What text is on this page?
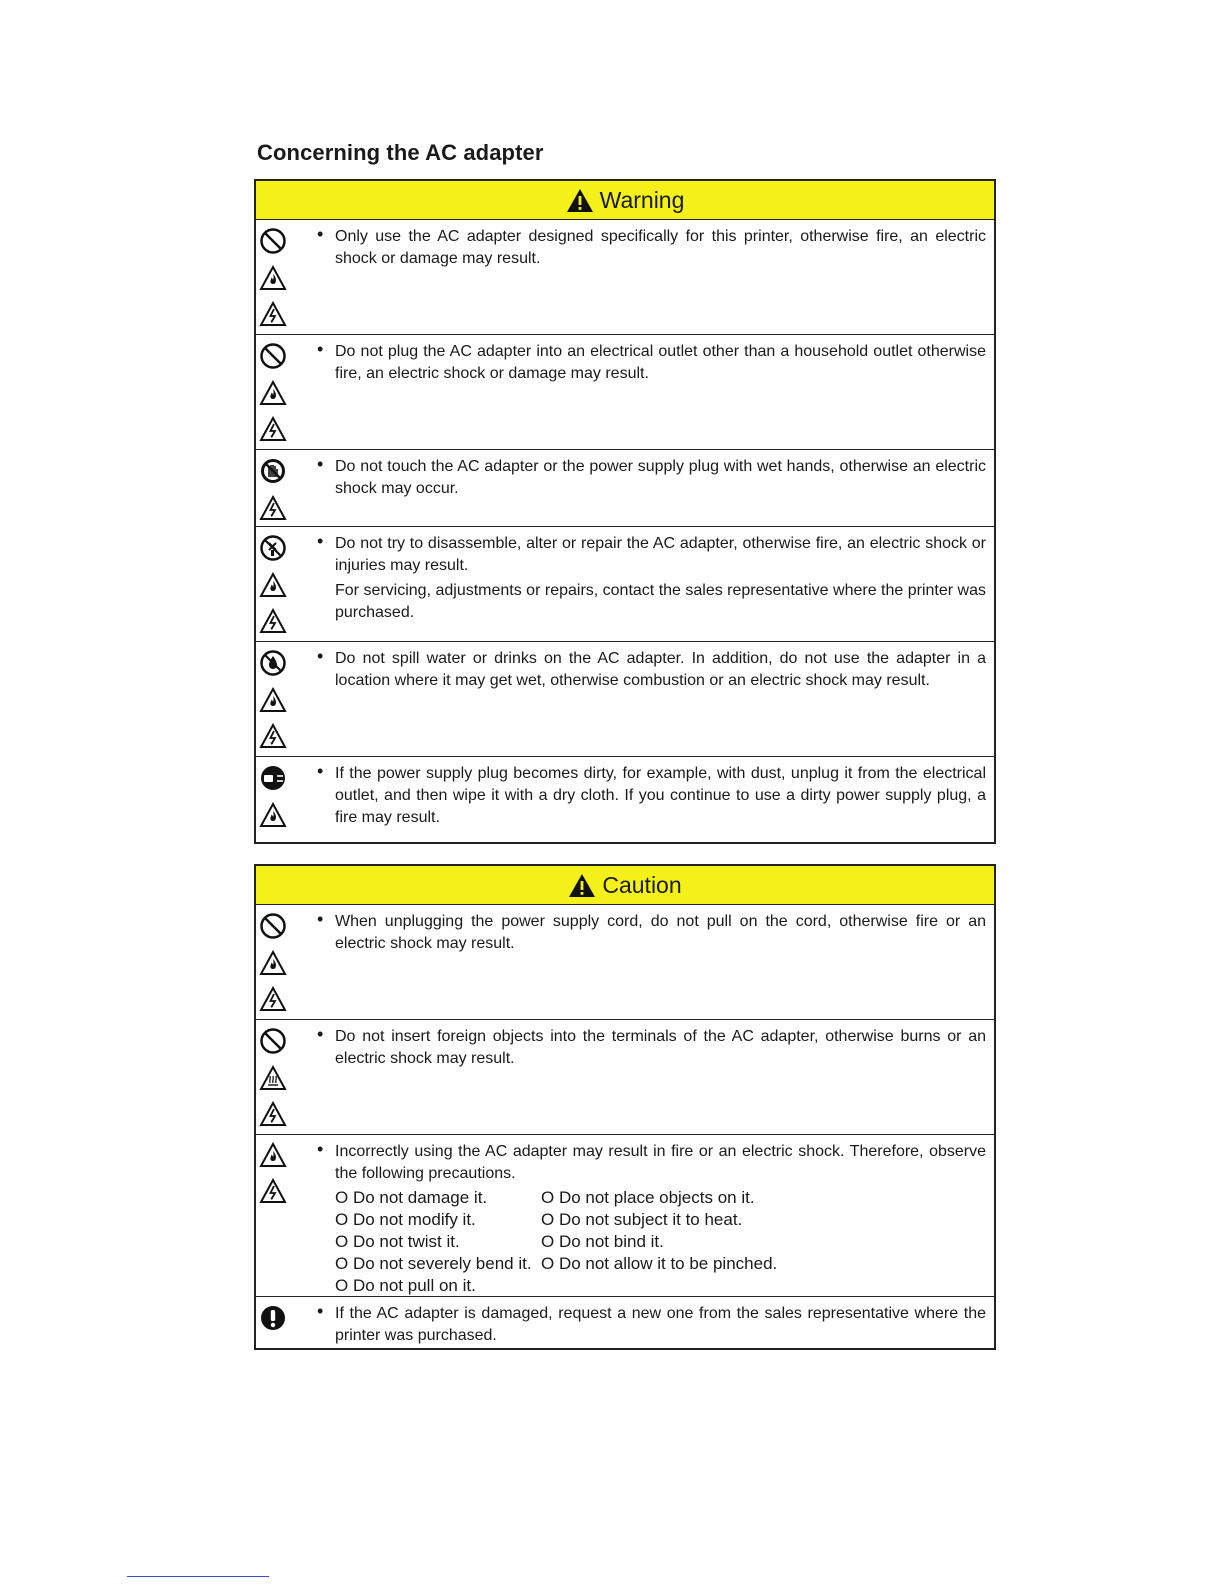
Concerning the AC adapter
Warning
• Only use the AC adapter designed specifically for this printer, otherwise fire, an electric shock or damage may result.

• Do not plug the AC adapter into an electrical outlet other than a household outlet otherwise fire, an electric shock or damage may result.

• Do not touch the AC adapter or the power supply plug with wet hands, otherwise an electric shock may occur.

• Do not try to disassemble, alter or repair the AC adapter, otherwise fire, an electric shock or injuries may result.

For servicing, adjustments or repairs, contact the sales representative where the printer was purchased.

• Do not spill water or drinks on the AC adapter. In addition, do not use the adapter in a location where it may get wet, otherwise combustion or an electric shock may result.

• If the power supply plug becomes dirty, for example, with dust, unplug it from the electrical outlet, and then wipe it with a dry cloth. If you continue to use a dirty power supply plug, a fire may result.

Caution
• When unplugging the power supply cord, do not pull on the cord, otherwise fire or an electric shock may result.

• Do not insert foreign objects into the terminals of the AC adapter, otherwise burns or an electric shock may result.

• Incorrectly using the AC adapter may result in fire or an electric shock. Therefore, observe the following precautions.

O Do not damage it.	O Do not place objects on it.
O Do not modify it.	O Do not subject it to heat.
O Do not twist it.	O Do not bind it.
O Do not severely bend it. O Do not allow it to be pinched.
O Do not pull on it.
• If the AC adapter is damaged, request a new one from the sales representative where the printer was purchased.
